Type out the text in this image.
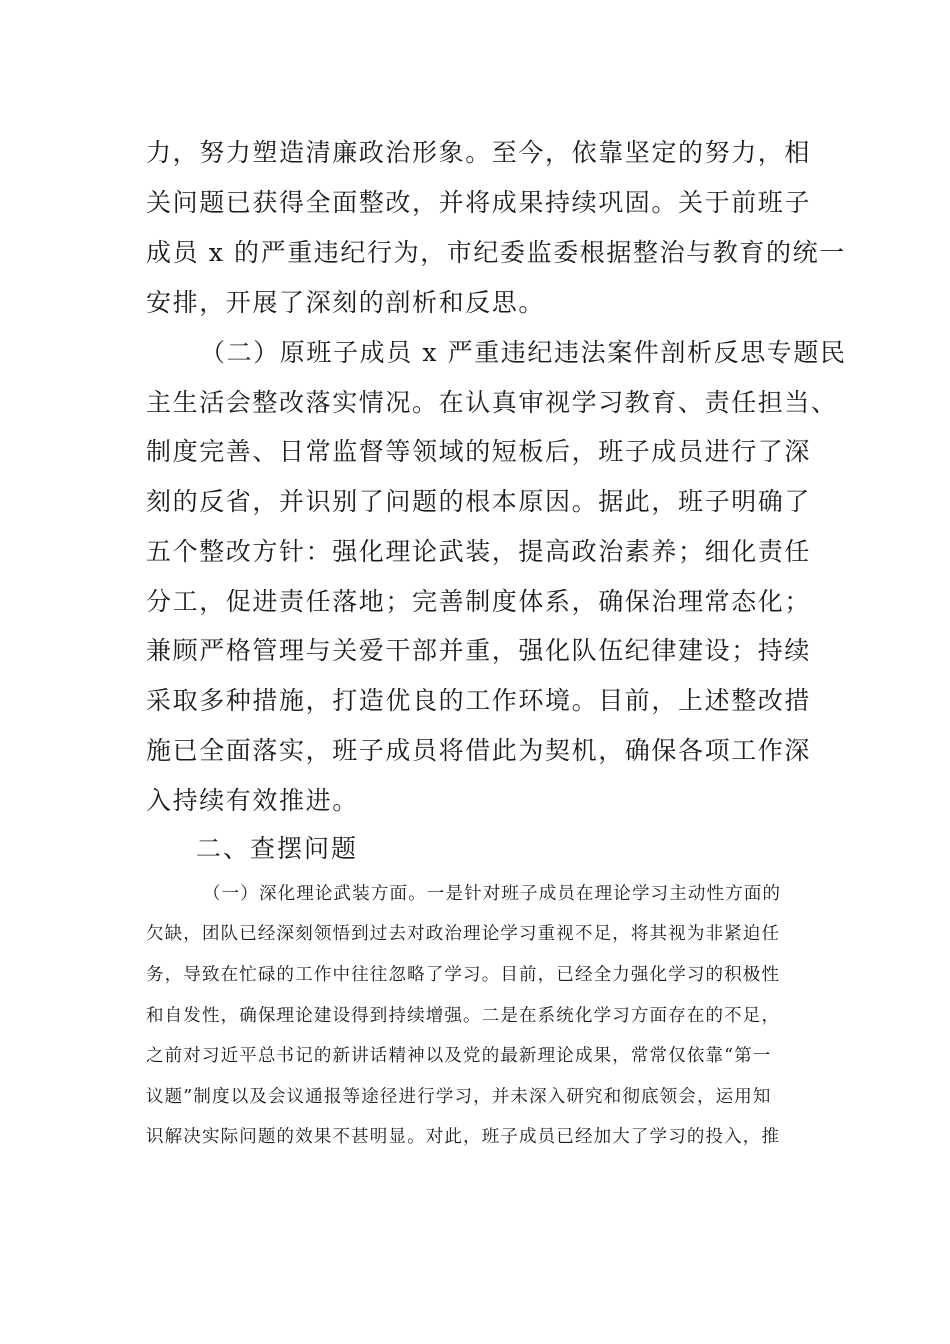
力，努力塑造清廉政治形象。至今，依靠坚定的努力，相

关问题已获得全面整改，并将成果持续巩固。关于前班子

成员 x 的严重违纪行为，市纪委监委根据整治与教育的统一

安排，开展了深刻的剖析和反思。

（二）原班子成员 x 严重违纪违法案件剖析反思专题民

主生活会整改落实情况。在认真审视学习教育、责任担当、

制度完善、日常监督等领域的短板后，班子成员进行了深

刻的反省，并识别了问题的根本原因。据此，班子明确了

五个整改方针：强化理论武装，提高政治素养；细化责任

分工，促进责任落地；完善制度体系，确保治理常态化；

兼顾严格管理与关爱干部并重，强化队伍纪律建设；持续

采取多种措施，打造优良的工作环境。目前，上述整改措

施已全面落实，班子成员将借此为契机，确保各项工作深

入持续有效推进。

二、查摆问题

（一）深化理论武装方面。一是针对班子成员在理论学习主动性方面的

欠缺，团队已经深刻领悟到过去对政治理论学习重视不足，将其视为非紧迫任

务，导致在忙碌的工作中往往忽略了学习。目前，已经全力强化学习的积极性

和自发性，确保理论建设得到持续增强。二是在系统化学习方面存在的不足，

之前对习近平总书记的新讲话精神以及党的最新理论成果，常常仅依靠“第一

议题”制度以及会议通报等途径进行学习，并未深入研究和彻底领会，运用知

识解决实际问题的效果不甚明显。对此，班子成员已经加大了学习的投入，推
